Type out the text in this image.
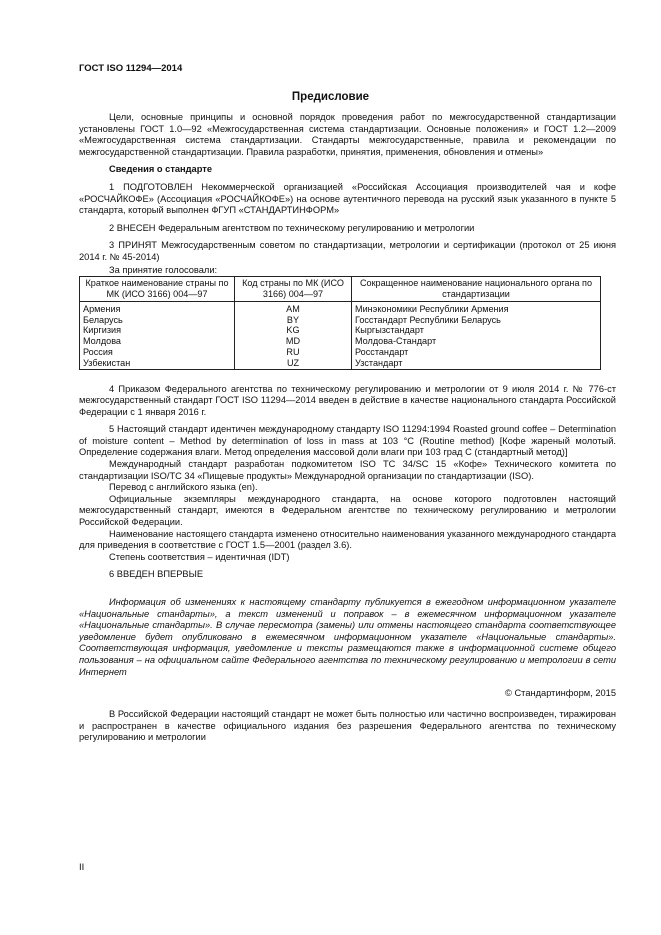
ГОСТ ISO 11294—2014
Предисловие

Цели, основные принципы и основной порядок проведения работ по межгосударственной стандартизации установлены ГОСТ 1.0—92 «Межгосударственная система стандартизации. Основные положения» и ГОСТ 1.2—2009 «Межгосударственная система стандартизации. Стандарты межгосударственные, правила и рекомендации по межгосударственной стандартизации. Правила разработки, принятия, применения, обновления и отмены»

Сведения о стандарте

1 ПОДГОТОВЛЕН Некоммерческой организацией «Российская Ассоциация производителей чая и кофе «РОСЧАЙКОФЕ» (Ассоциация «РОСЧАЙКОФЕ») на основе аутентичного перевода на русский язык указанного в пункте 5 стандарта, который выполнен ФГУП «СТАНДАРТИНФОРМ»

2 ВНЕСЕН Федеральным агентством по техническому регулированию и метрологии

3 ПРИНЯТ Межгосударственным советом по стандартизации, метрологии и сертификации (протокол от 25 июня 2014 г. № 45-2014)

За принятие голосовали:

Краткое наименование страны по МК (ИСО 3166) 004—97	Код страны по МК (ИСО 3166) 004—97	Сокращенное наименование национального органа по стандартизации
Армения	AM	Минэкономики Республики Армения
Беларусь	BY	Госстандарт Республики Беларусь
Киргизия	KG	Кыргызстандарт
Молдова	MD	Молдова-Стандарт
Россия	RU	Росстандарт
Узбекистан	UZ	Узстандарт

4 Приказом Федерального агентства по техническому регулированию и метрологии от 9 июля 2014 г. № 776-ст межгосударственный стандарт ГОСТ ISO 11294—2014 введен в действие в качестве национального стандарта Российской Федерации с 1 января 2016 г.

5 Настоящий стандарт идентичен международному стандарту ISO 11294:1994 Roasted ground coffee – Determination of moisture content – Method by determination of loss in mass at 103 °C (Routine method) [Кофе жареный молотый. Определение содержания влаги. Метод определения массовой доли влаги при 103 град С (стандартный метод)]

Международный стандарт разработан подкомитетом ISO TC 34/SC 15 «Кофе» Технического комитета по стандартизации ISO/TC 34 «Пищевые продукты» Международной организации по стандартизации (ISO).

Перевод с английского языка (en).

Официальные экземпляры международного стандарта, на основе которого подготовлен настоящий межгосударственный стандарт, имеются в Федеральном агентстве по техническому регулированию и метрологии Российской Федерации.

Наименование настоящего стандарта изменено относительно наименования указанного международного стандарта для приведения в соответствие с ГОСТ 1.5—2001 (раздел 3.6).

Степень соответствия – идентичная (IDT)

6 ВВЕДЕН ВПЕРВЫЕ

Информация об изменениях к настоящему стандарту публикуется в ежегодном информационном указателе «Национальные стандарты», а текст изменений и поправок – в ежемесячном информационном указателе «Национальные стандарты». В случае пересмотра (замены) или отмены настоящего стандарта соответствующее уведомление будет опубликовано в ежемесячном информационном указателе «Национальные стандарты». Соответствующая информация, уведомление и тексты размещаются также в информационной системе общего пользования – на официальном сайте Федерального агентства по техническому регулированию и метрологии в сети Интернет

© Стандартинформ, 2015

В Российской Федерации настоящий стандарт не может быть полностью или частично воспроизведен, тиражирован и распространен в качестве официального издания без разрешения Федерального агентства по техническому регулированию и метрологии

II
